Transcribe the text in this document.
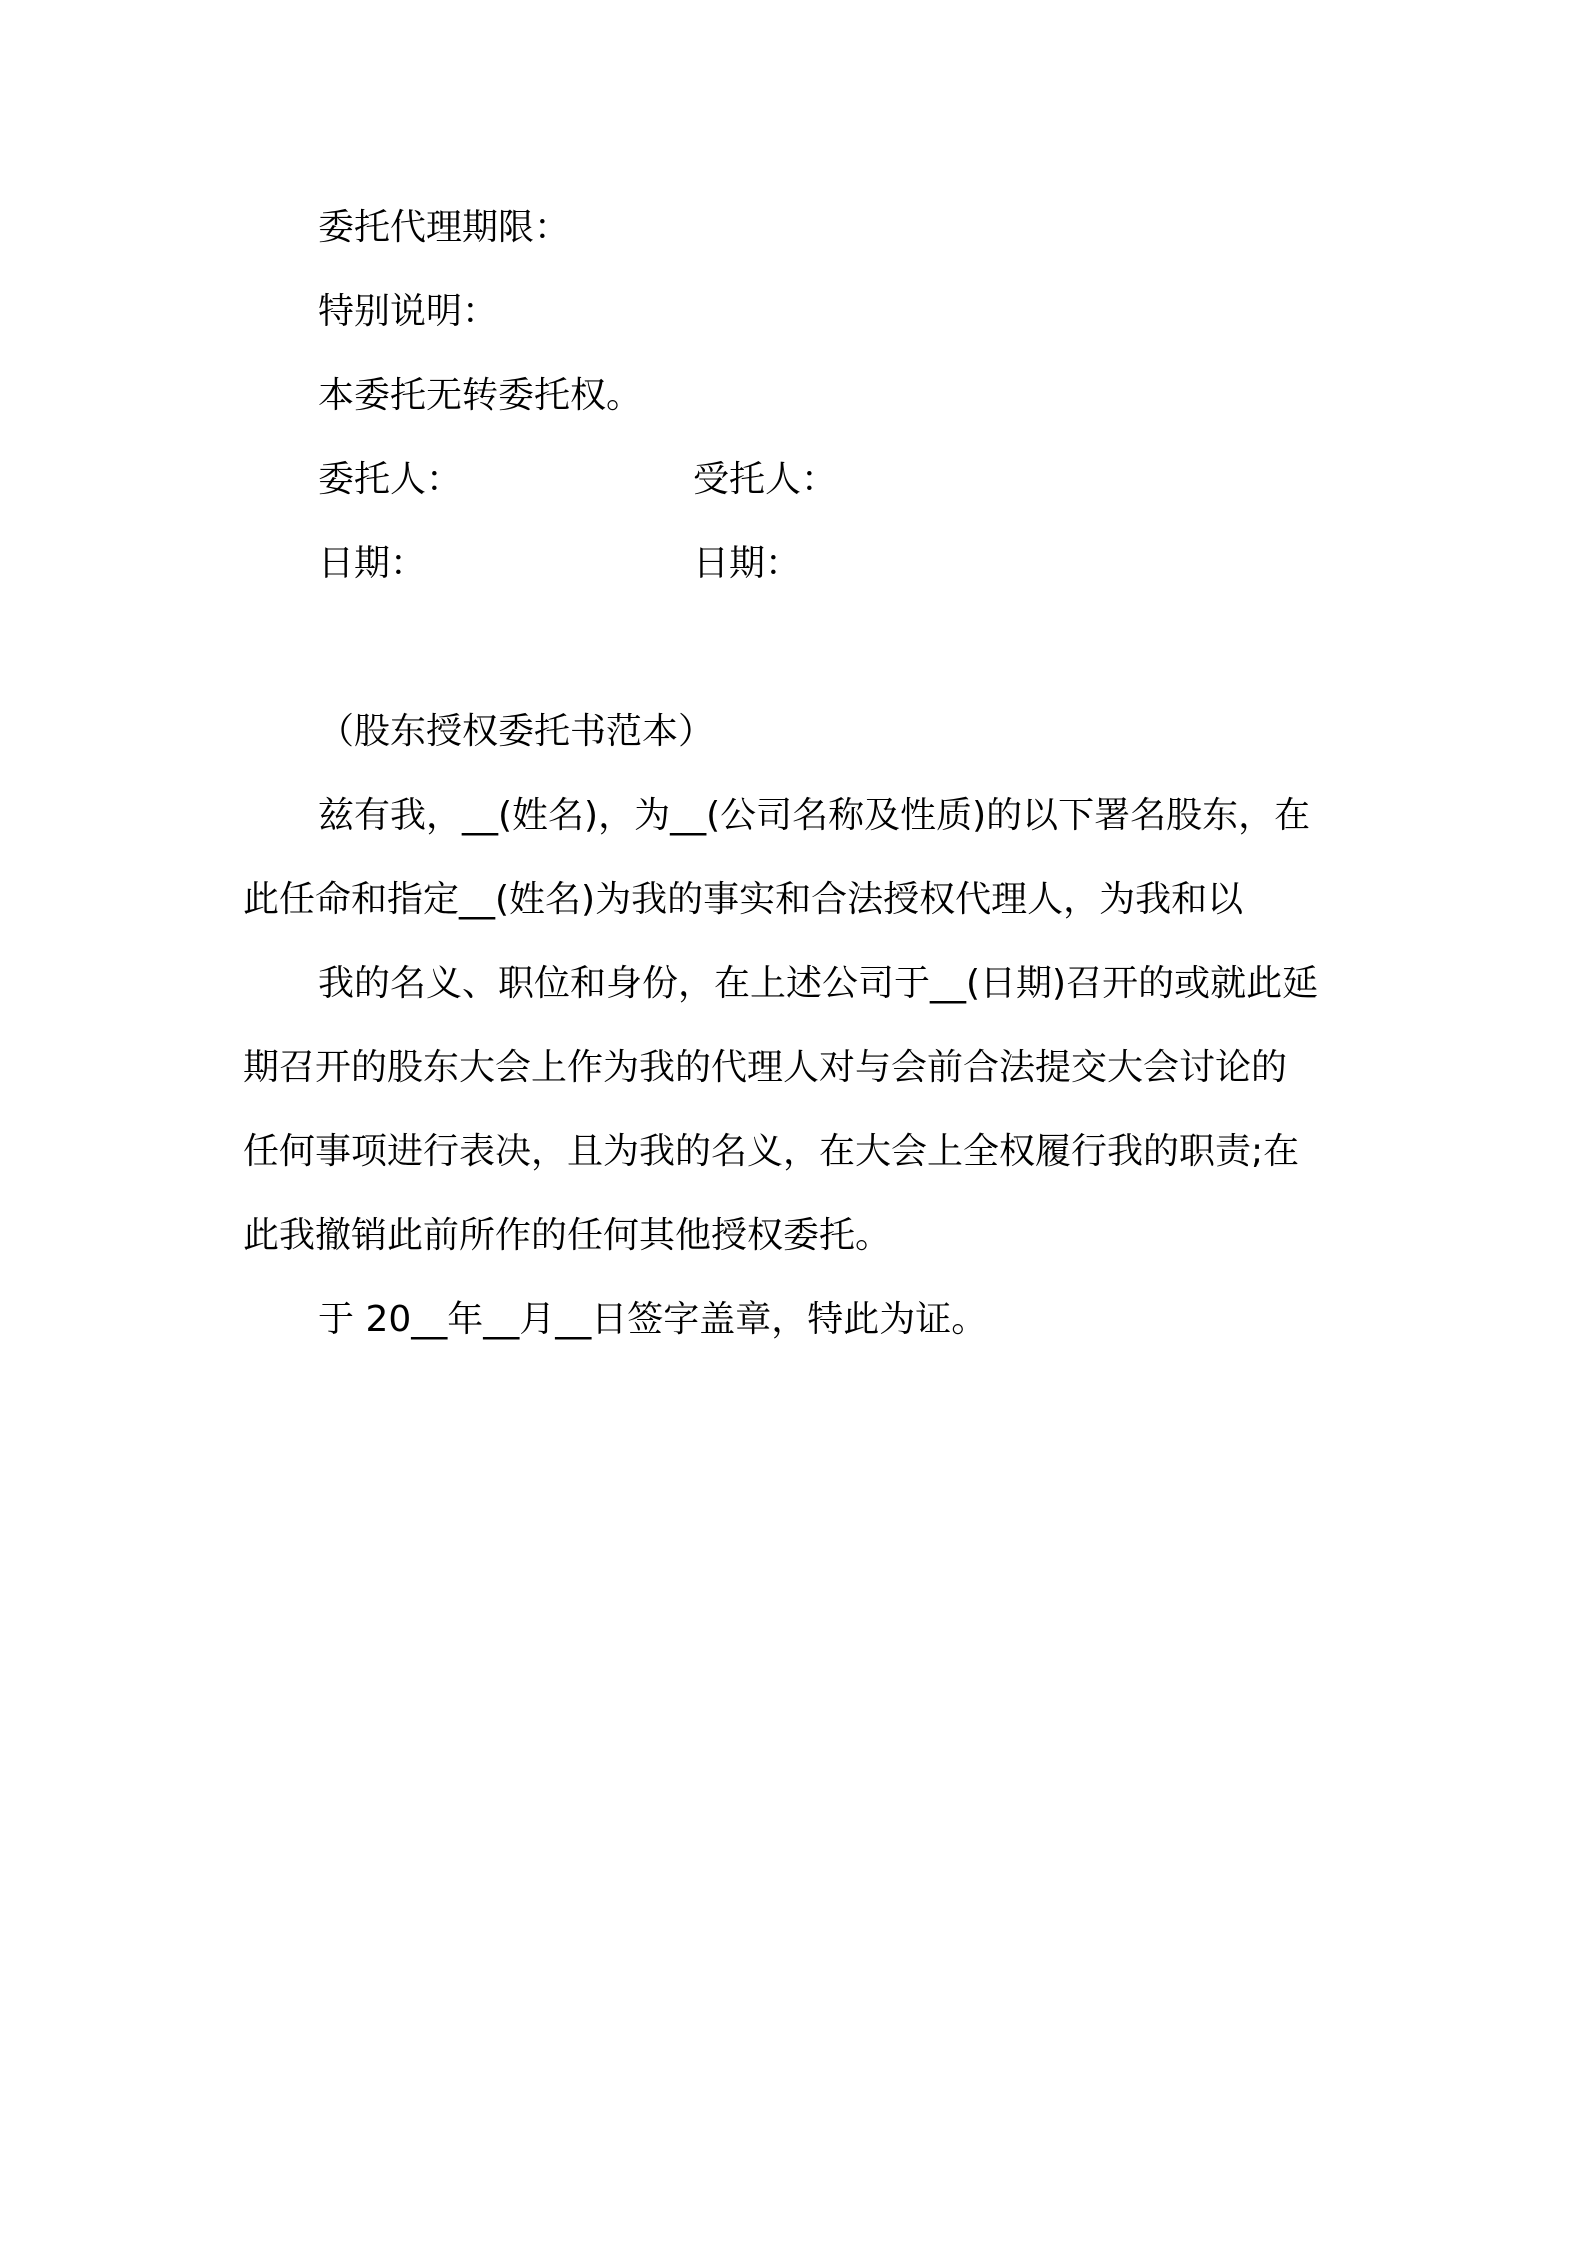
委托代理期限：
特别说明：
本委托无转委托权。
委托人：	受托人：
日期：	日期：
（股东授权委托书范本）
兹有我，__(姓名)，为__(公司名称及性质)的以下署名股东，在
此任命和指定__(姓名)为我的事实和合法授权代理人，为我和以
我的名义、职位和身份，在上述公司于__(日期)召开的或就此延
期召开的股东大会上作为我的代理人对与会前合法提交大会讨论的
任何事项进行表决，且为我的名义，在大会上全权履行我的职责;在
此我撤销此前所作的任何其他授权委托。
于 20__年__月__日签字盖章，特此为证。
